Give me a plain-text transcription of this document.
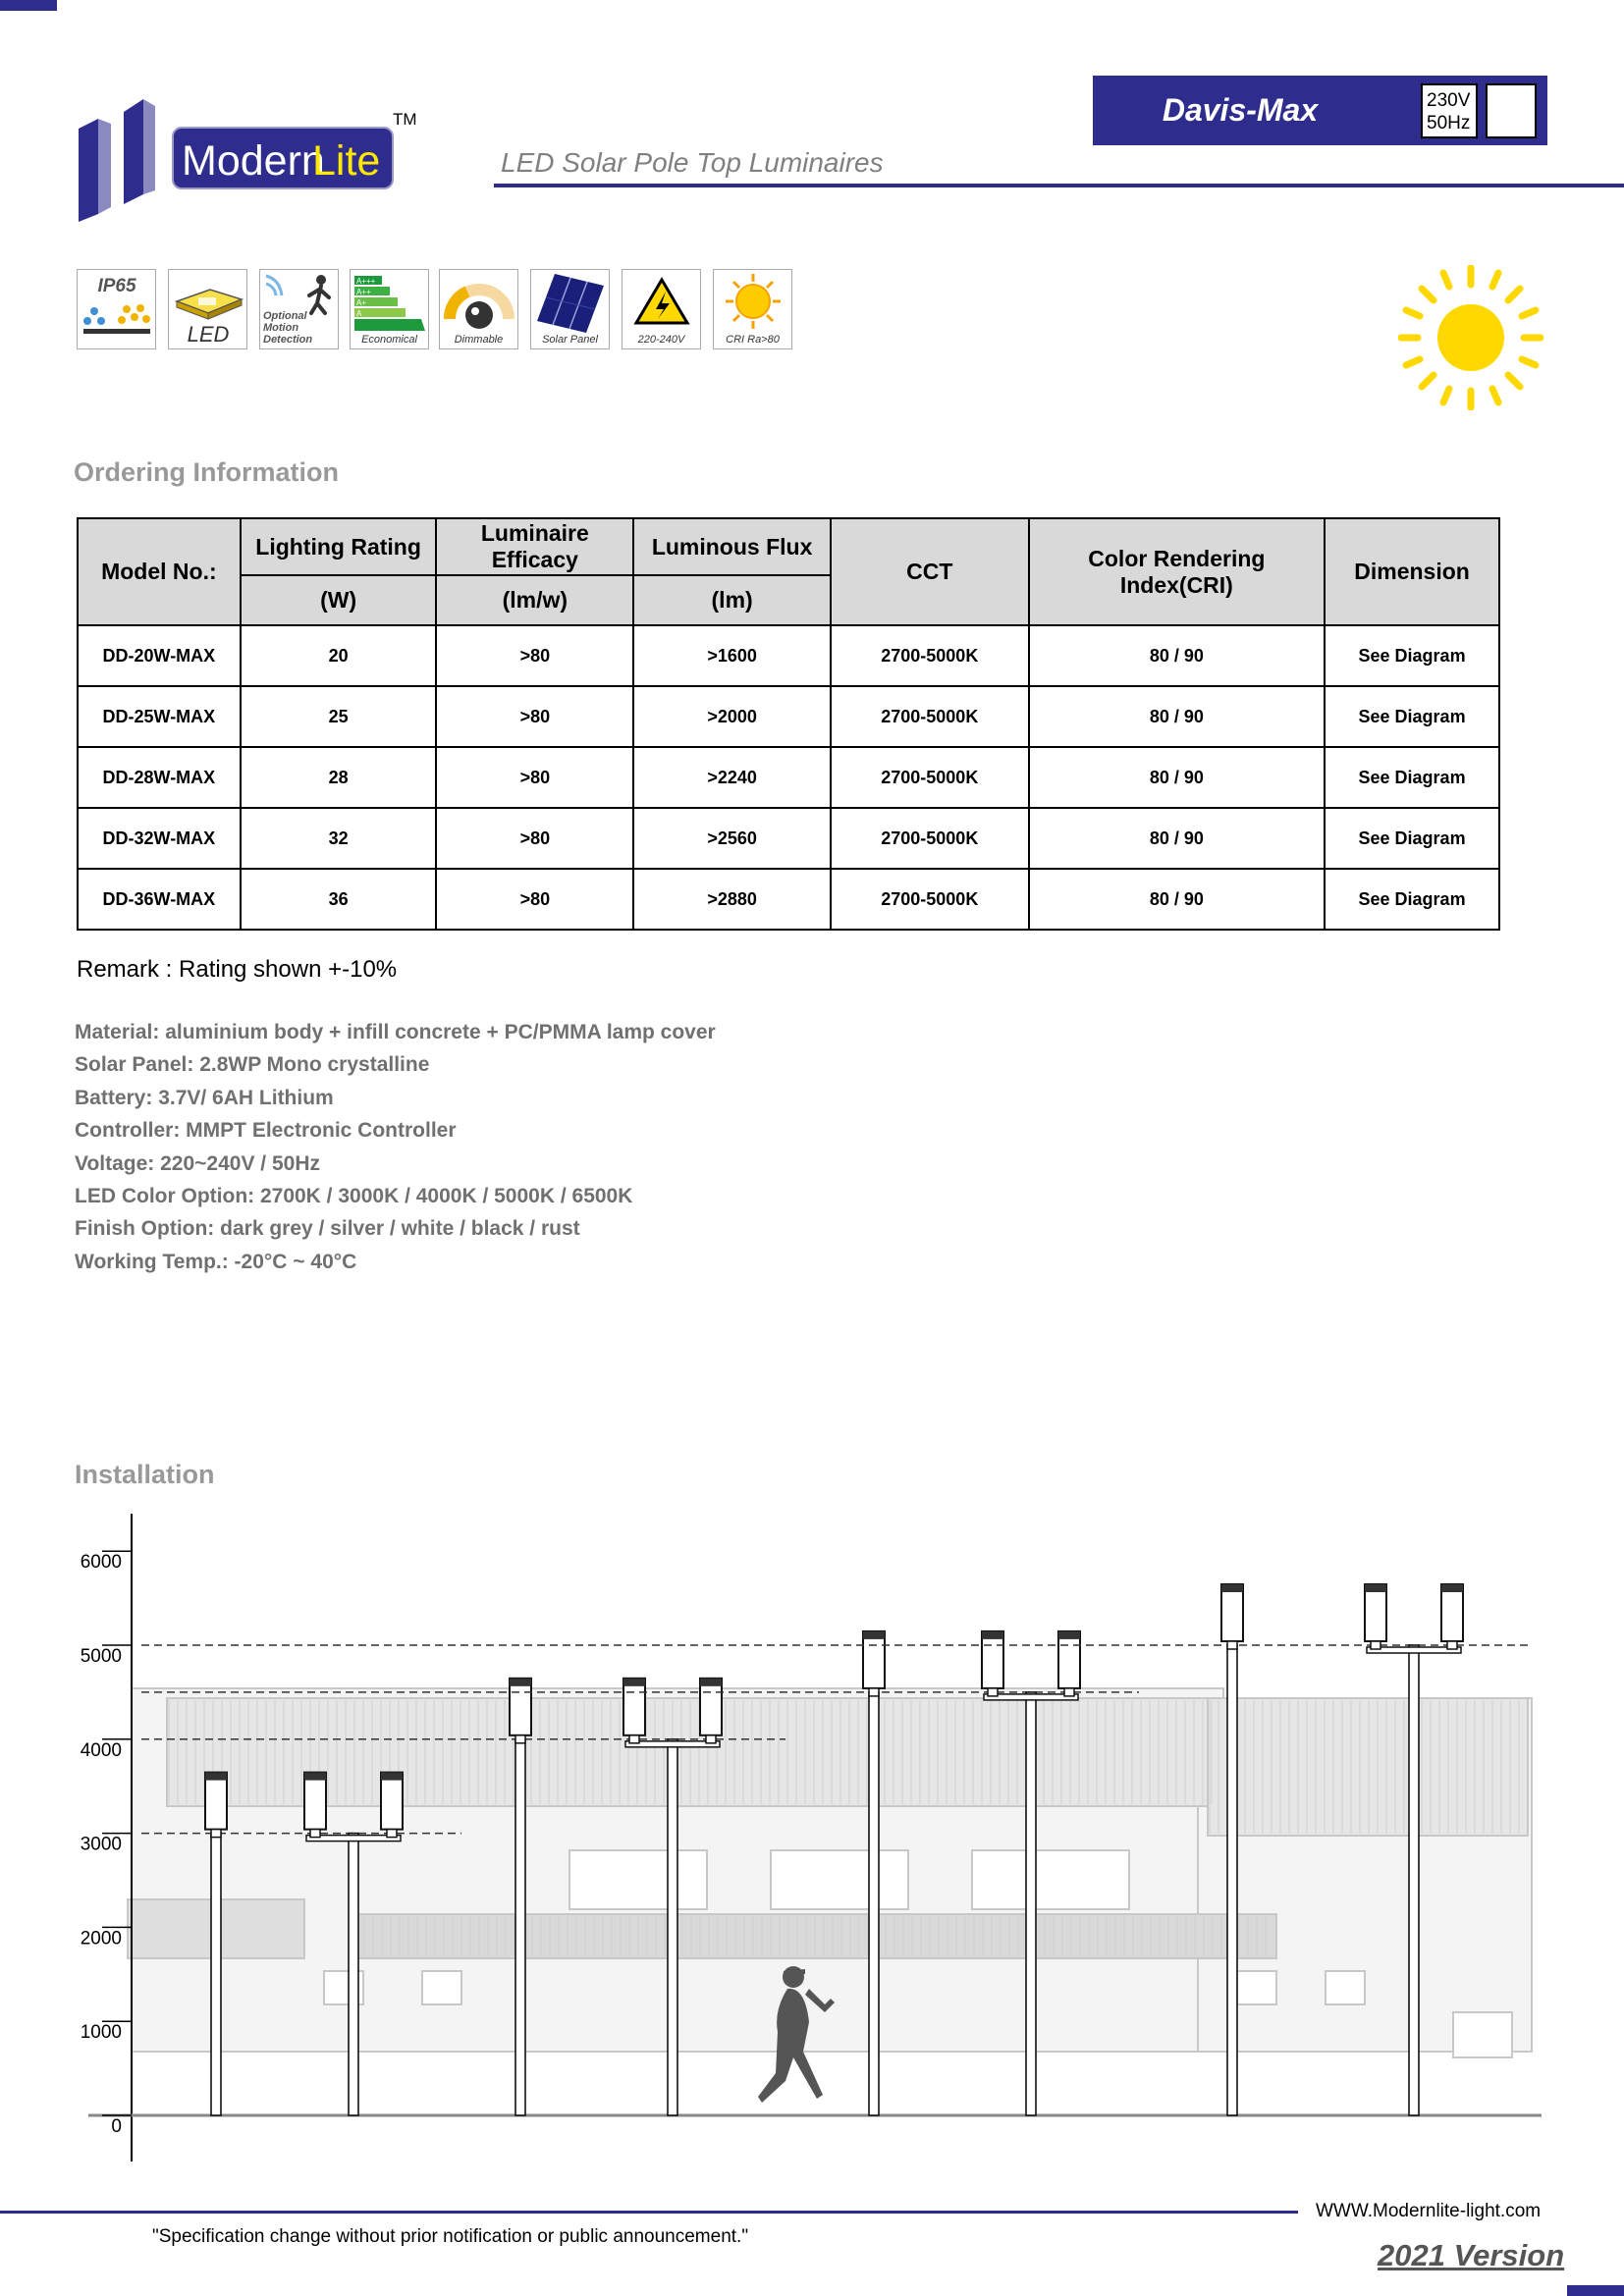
Modern
Lite
TM	Davis-Max	230V
50Hz
LED Solar Pole Top Luminaires
IP65
LED
Optional
Motion
Detection
A+++
A++
A+
A
Economical	Dimmable	Solar Panel	220-240V	CRI Ra>80
Ordering Information
Model No.:	Lighting Rating	Luminaire Efficacy	Luminous Flux	CCT	Color Rendering Index(CRI)	Dimension
	(W)	(lm/w)	(lm)			
DD-20W-MAX	20	>80	>1600	2700-5000K	80 / 90	See Diagram
DD-25W-MAX	25	>80	>2000	2700-5000K	80 / 90	See Diagram
DD-28W-MAX	28	>80	>2240	2700-5000K	80 / 90	See Diagram
DD-32W-MAX	32	>80	>2560	2700-5000K	80 / 90	See Diagram
DD-36W-MAX	36	>80	>2880	2700-5000K	80 / 90	See Diagram
Remark : Rating shown +-10%
Material: aluminium body + infill concrete + PC/PMMA lamp cover
Solar Panel: 2.8WP Mono crystalline
Battery: 3.7V/ 6AH Lithium
Controller: MMPT Electronic Controller
Voltage: 220~240V / 50Hz
LED Color Option: 2700K / 3000K / 4000K / 5000K / 6500K
Finish Option: dark grey / silver / white / black / rust
Working Temp.: -20°C ~ 40°C
Installation
0
1000
2000
3000
4000
5000
6000
WWW.Modernlite-light.com
"Specification change without prior notification or public announcement."
2021 Version
